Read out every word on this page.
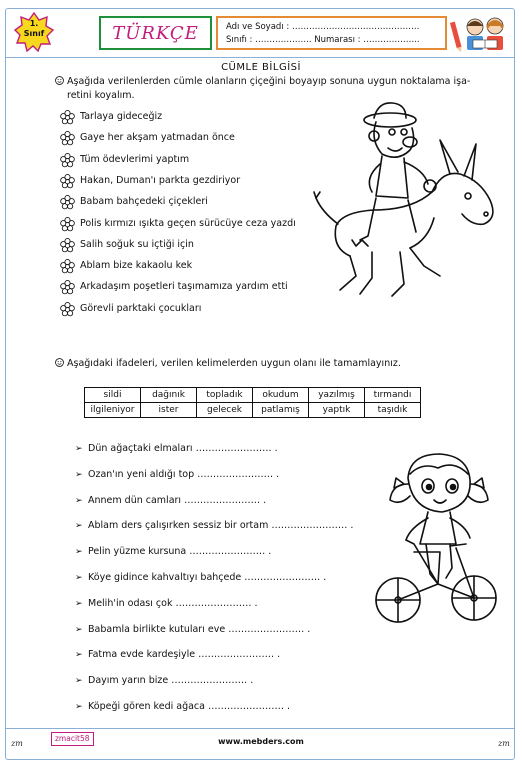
1.
Sınıf	TÜRKÇE	Adı ve Soyadı : ………………………………………
Sınıfı : ……………….. Numarası : ………………..
CÜMLE BİLGİSİ
Aşağıda verilenlerden cümle olanların çiçeğini boyayıp sonuna uygun noktalama işa-
retini koyalım.
Tarlaya gideceğiz
Gaye her akşam yatmadan önce
Tüm ödevlerimi yaptım
Hakan, Duman'ı parkta gezdiriyor
Babam bahçedeki çiçekleri
Polis kırmızı ışıkta geçen sürücüye ceza yazdı
Salih soğuk su içtiği için
Ablam bize kakaolu kek
Arkadaşım poşetleri taşımamıza yardım etti
Görevli parktaki çocukları
Aşağıdaki ifadeleri, verilen kelimelerden uygun olanı ile tamamlayınız.
sildi	dağınık	topladık	okudum	yazılmış	tırmandı
ilgileniyor	ister	gelecek	patlamış	yaptık	taşıdık
➢ Dün ağaçtaki elmaları …………………… .
➢ Ozan'ın yeni aldığı top …………………… .
➢ Annem dün camları …………………… .
➢ Ablam ders çalışırken sessiz bir ortam …………………… .
➢ Pelin yüzme kursuna …………………… .
➢ Köye gidince kahvaltıyı bahçede …………………… .
➢ Melih'in odası çok …………………… .
➢ Babamla birlikte kutuları eve …………………… .
➢ Fatma evde kardeşiyle …………………… .
➢ Dayım yarın bize …………………… .
➢ Köpeği gören kedi ağaca …………………… .
zmacit58	www.mebders.com
zm	zm
